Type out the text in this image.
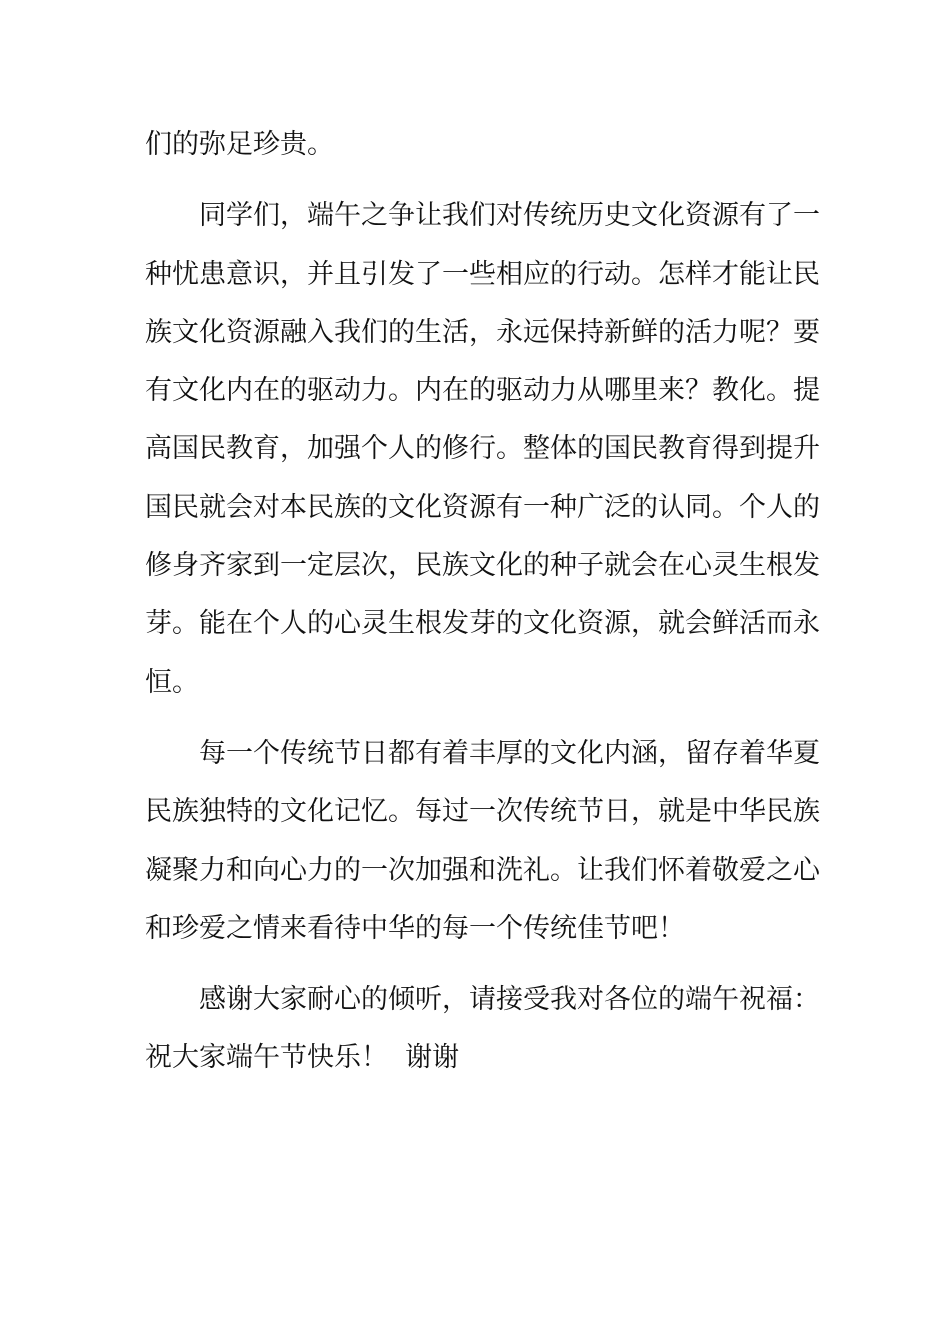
们的弥足珍贵。

同学们，端午之争让我们对传统历史文化资源有了一
种忧患意识，并且引发了一些相应的行动。怎样才能让民
族文化资源融入我们的生活，永远保持新鲜的活力呢？要
有文化内在的驱动力。内在的驱动力从哪里来？教化。提
高国民教育，加强个人的修行。整体的国民教育得到提升
国民就会对本民族的文化资源有一种广泛的认同。个人的
修身齐家到一定层次，民族文化的种子就会在心灵生根发
芽。能在个人的心灵生根发芽的文化资源，就会鲜活而永
恒。

每一个传统节日都有着丰厚的文化内涵，留存着华夏
民族独特的文化记忆。每过一次传统节日，就是中华民族
凝聚力和向心力的一次加强和洗礼。让我们怀着敬爱之心
和珍爱之情来看待中华的每一个传统佳节吧！

感谢大家耐心的倾听，请接受我对各位的端午祝福：
祝大家端午节快乐！  谢谢
